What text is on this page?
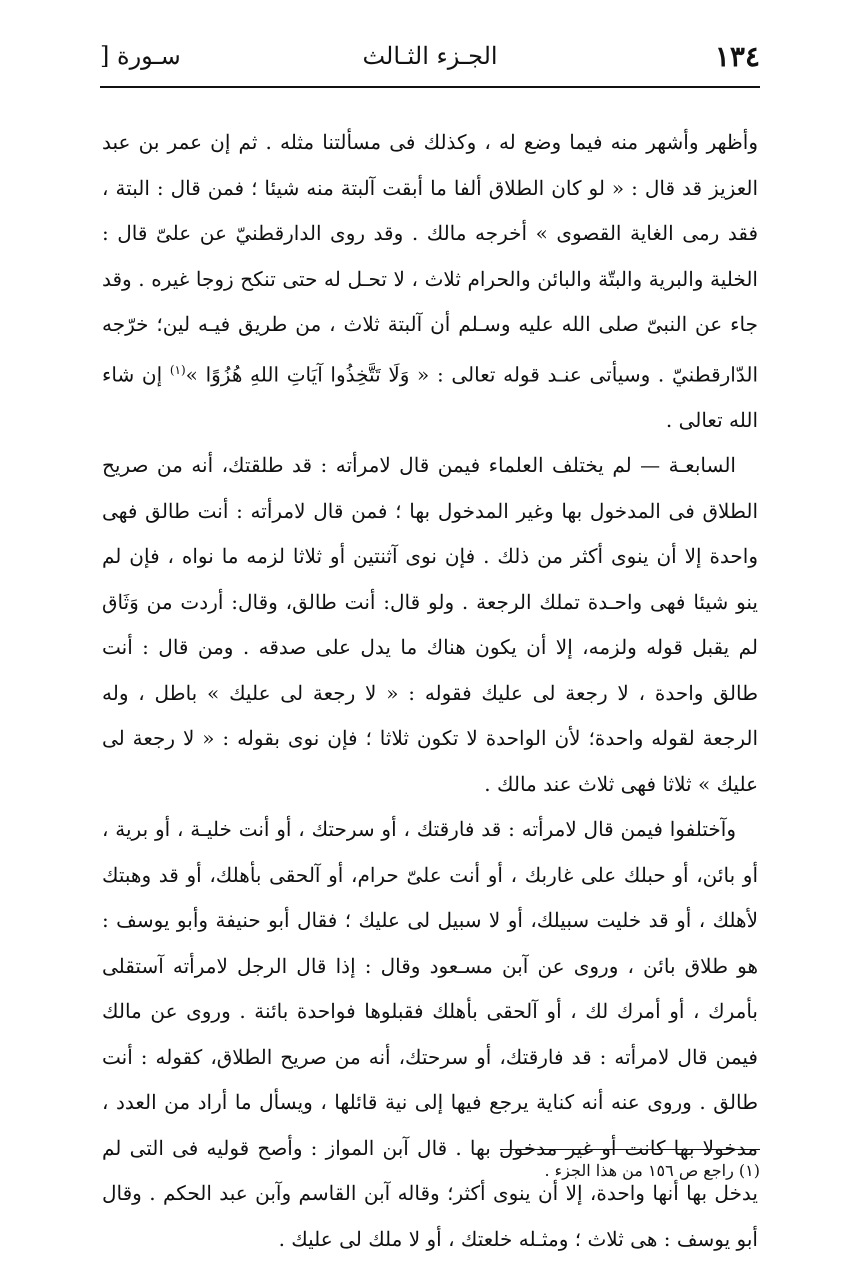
١٣٤
الجـزء الثـالث
سـورة [

وأظهر وأشهر منه فيما وضع له ، وكذلك فى مسألتنا مثله . ثم إن عمر بن عبد العزيز قد قال : « لو كان الطلاق ألفا ما أبقت آلبتة منه شيئا ؛ فمن قال : البتة ، فقد رمى الغاية القصوى » أخرجه مالك . وقد روى الدارقطنيّ عن علىّ قال : الخلية والبرية والبتّة والبائن والحرام ثلاث ، لا تحـل له حتى تنكح زوجا غيره . وقد جاء عن النبىّ صلى الله عليه وسـلم أن آلبتة ثلاث ، من طريق فيـه لين؛ خرّجه الدّارقطنيّ . وسيأتى عنـد قوله تعالى : « وَلَا تَتَّخِذُوا آيَاتِ اللهِ هُزُوًا »$^{(١)}$ إن شاء الله تعالى .

السابعـة — لم يختلف العلماء فيمن قال لامرأته : قد طلقتك، أنه من صريح الطلاق فى المدخول بها وغير المدخول بها ؛ فمن قال لامرأته : أنت طالق فهى واحدة إلا أن ينوى أكثر من ذلك . فإن نوى آثنتين أو ثلاثا لزمه ما نواه ، فإن لم ينو شيئا فهى واحـدة تملك الرجعة . ولو قال: أنت طالق، وقال: أردت من وَثَاق لم يقبل قوله ولزمه، إلا أن يكون هناك ما يدل على صدقه . ومن قال : أنت طالق واحدة ، لا رجعة لى عليك فقوله : « لا رجعة لى عليك » باطل ، وله الرجعة لقوله واحدة؛ لأن الواحدة لا تكون ثلاثا ؛ فإن نوى بقوله : « لا رجعة لى عليك » ثلاثا فهى ثلاث عند مالك .

وآختلفوا فيمن قال لامرأته : قد فارقتك ، أو سرحتك ، أو أنت خليـة ، أو برية ، أو بائن، أو حبلك على غاربك ، أو أنت علىّ حرام، أو آلحقى بأهلك، أو قد وهبتك لأهلك ، أو قد خليت سبيلك، أو لا سبيل لى عليك ؛ فقال أبو حنيفة وأبو يوسف : هو طلاق بائن ، وروى عن آبن مسـعود وقال : إذا قال الرجل لامرأته آستقلى بأمرك ، أو أمرك لك ، أو آلحقى بأهلك فقبلوها فواحدة بائنة . وروى عن مالك فيمن قال لامرأته : قد فارقتك، أو سرحتك، أنه من صريح الطلاق، كقوله : أنت طالق . وروى عنه أنه كناية يرجع فيها إلى نية قائلها ، ويسأل ما أراد من العدد ، مدخولا بها كانت أو غير مدخول بها . قال آبن المواز : وأصح قوليه فى التى لم يدخل بها أنها واحدة، إلا أن ينوى أكثر؛ وقاله آبن القاسم وآبن عبد الحكم . وقال أبو يوسف : هى ثلاث ؛ ومثـله خلعتك ، أو لا ملك لى عليك .

(١) راجع ص ١٥٦ من هذا الجزء .
